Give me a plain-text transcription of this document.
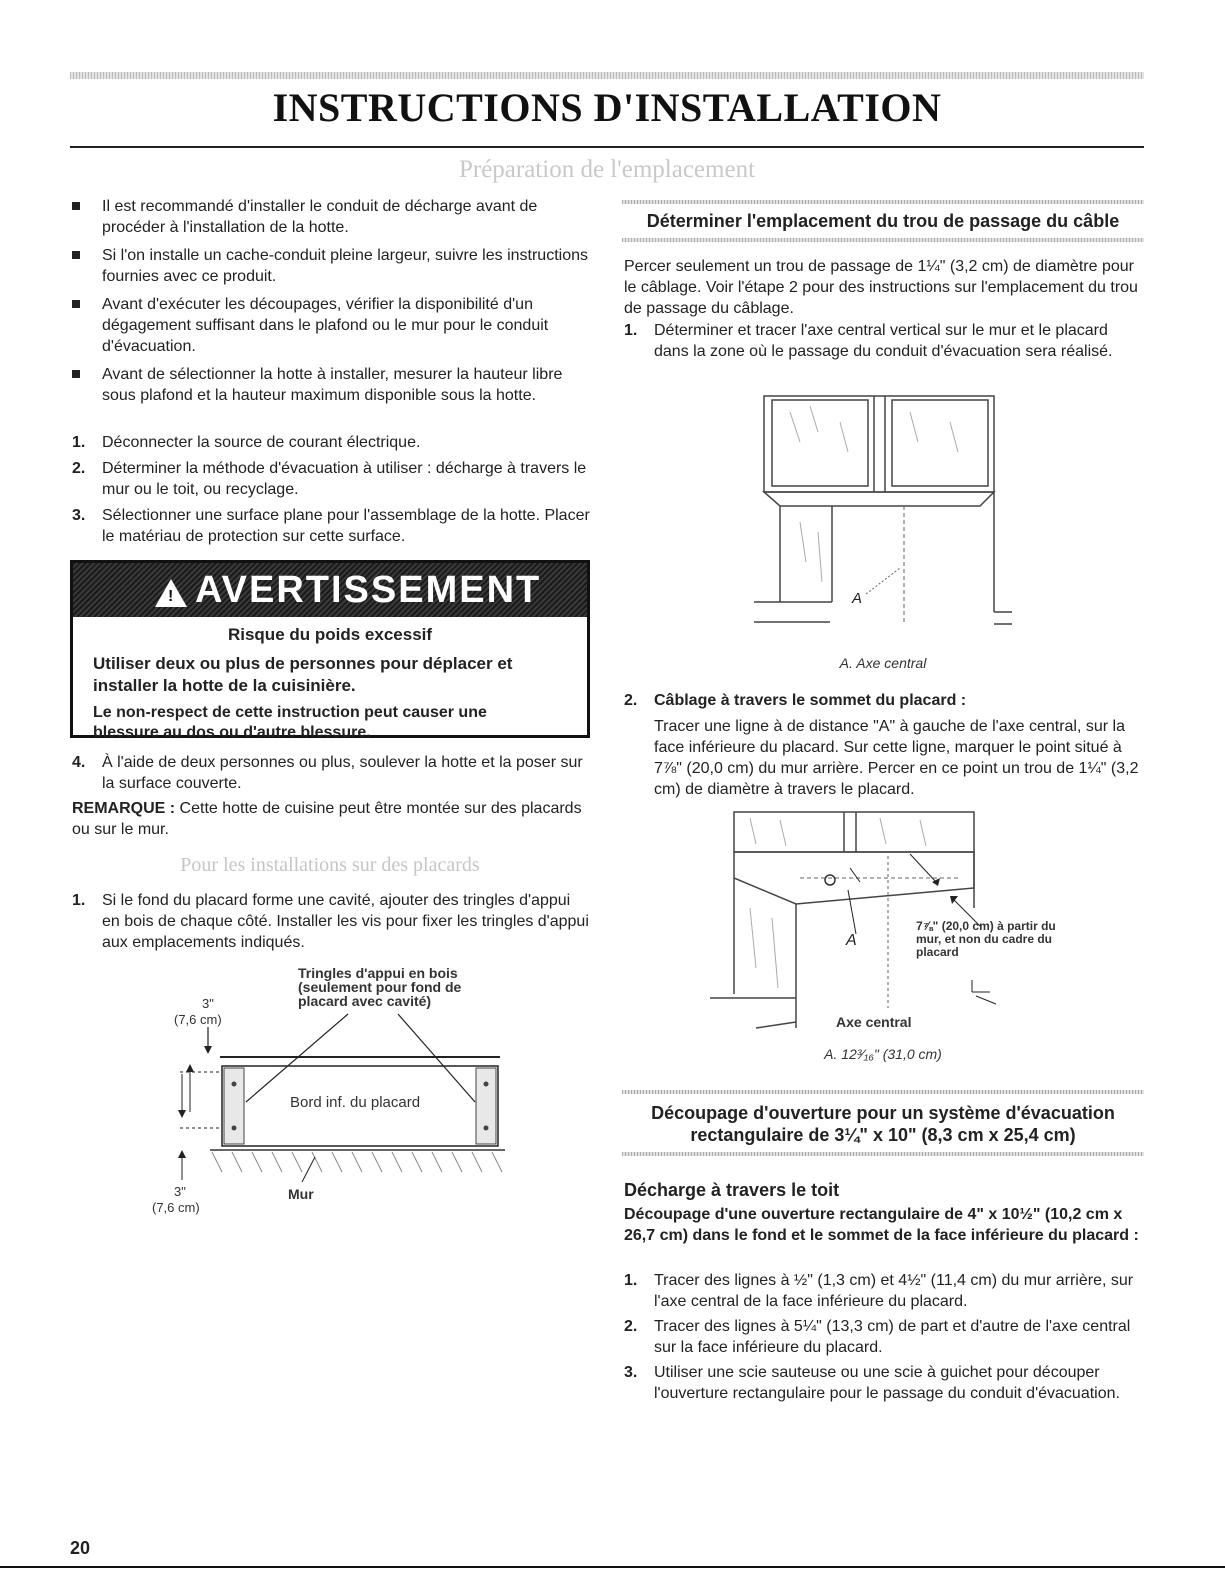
INSTRUCTIONS D'INSTALLATION
Préparation de l'emplacement
Il est recommandé d'installer le conduit de décharge avant de procéder à l'installation de la hotte.
Si l'on installe un cache-conduit pleine largeur, suivre les instructions fournies avec ce produit.
Avant d'exécuter les découpages, vérifier la disponibilité d'un dégagement suffisant dans le plafond ou le mur pour le conduit d'évacuation.
Avant de sélectionner la hotte à installer, mesurer la hauteur libre sous plafond et la hauteur maximum disponible sous la hotte.
1. Déconnecter la source de courant électrique.
2. Déterminer la méthode d'évacuation à utiliser : décharge à travers le mur ou le toit, ou recyclage.
3. Sélectionner une surface plane pour l'assemblage de la hotte. Placer le matériau de protection sur cette surface.
! AVERTISSEMENT
Risque du poids excessif
Utiliser deux ou plus de personnes pour déplacer et installer la hotte de la cuisinière.
Le non-respect de cette instruction peut causer une blessure au dos ou d'autre blessure.
4. À l'aide de deux personnes ou plus, soulever la hotte et la poser sur la surface couverte.
REMARQUE : Cette hotte de cuisine peut être montée sur des placards ou sur le mur.
Pour les installations sur des placards
1. Si le fond du placard forme une cavité, ajouter des tringles d'appui en bois de chaque côté. Installer les vis pour fixer les tringles d'appui aux emplacements indiqués.
Tringles d'appui en bois (seulement pour fond de placard avec cavité)
3"
(7,6 cm)
Bord inf. du placard
3"
(7,6 cm)
Mur
Déterminer l'emplacement du trou de passage du câble
Percer seulement un trou de passage de 1¼" (3,2 cm) de diamètre pour le câblage. Voir l'étape 2 pour des instructions sur l'emplacement du trou de passage du câblage.
1. Déterminer et tracer l'axe central vertical sur le mur et le placard dans la zone où le passage du conduit d'évacuation sera réalisé.
A
A. Axe central
2. Câblage à travers le sommet du placard :
Tracer une ligne à de distance "A" à gauche de l'axe central, sur la face inférieure du placard. Sur cette ligne, marquer le point situé à 7⅞" (20,0 cm) du mur arrière. Percer en ce point un trou de 1¼" (3,2 cm) de diamètre à travers le placard.
A
7⅞" (20,0 cm) à partir du mur, et non du cadre du placard
Axe central
A. 12³⁄₁₆" (31,0 cm)
Découpage d'ouverture pour un système d'évacuation rectangulaire de 3¼" x 10" (8,3 cm x 25,4 cm)
Décharge à travers le toit
Découpage d'une ouverture rectangulaire de 4" x 10½" (10,2 cm x 26,7 cm) dans le fond et le sommet de la face inférieure du placard :
1. Tracer des lignes à ½" (1,3 cm) et 4½" (11,4 cm) du mur arrière, sur l'axe central de la face inférieure du placard.
2. Tracer des lignes à 5¼" (13,3 cm) de part et d'autre de l'axe central sur la face inférieure du placard.
3. Utiliser une scie sauteuse ou une scie à guichet pour découper l'ouverture rectangulaire pour le passage du conduit d'évacuation.
20
